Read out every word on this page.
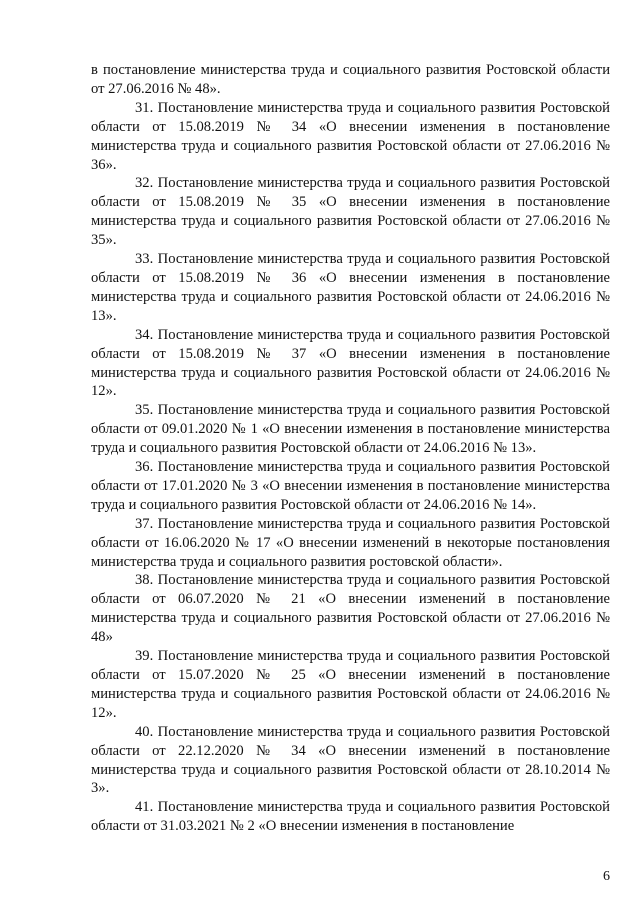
в постановление министерства труда и социального развития Ростовской области от 27.06.2016 № 48».

31. Постановление министерства труда и социального развития Ростовской области от 15.08.2019 № 34 «О внесении изменения в постановление министерства труда и социального развития Ростовской области от 27.06.2016 № 36».

32. Постановление министерства труда и социального развития Ростовской области от 15.08.2019 № 35 «О внесении изменения в постановление министерства труда и социального развития Ростовской области от 27.06.2016 № 35».

33. Постановление министерства труда и социального развития Ростовской области от 15.08.2019 № 36 «О внесении изменения в постановление министерства труда и социального развития Ростовской области от 24.06.2016 № 13».

34. Постановление министерства труда и социального развития Ростовской области от 15.08.2019 № 37 «О внесении изменения в постановление министерства труда и социального развития Ростовской области от 24.06.2016 № 12».

35. Постановление министерства труда и социального развития Ростовской области от 09.01.2020 № 1 «О внесении изменения в постановление министерства труда и социального развития Ростовской области от 24.06.2016 № 13».

36. Постановление министерства труда и социального развития Ростовской области от 17.01.2020 № 3 «О внесении изменения в постановление министерства труда и социального развития Ростовской области от 24.06.2016 № 14».

37. Постановление министерства труда и социального развития Ростовской области от 16.06.2020 № 17 «О внесении изменений в некоторые постановления министерства труда и социального развития ростовской области».

38. Постановление министерства труда и социального развития Ростовской области от 06.07.2020 № 21 «О внесении изменений в постановление министерства труда и социального развития Ростовской области от 27.06.2016 № 48»

39. Постановление министерства труда и социального развития Ростовской области от 15.07.2020 № 25 «О внесении изменений в постановление министерства труда и социального развития Ростовской области от 24.06.2016 № 12».

40. Постановление министерства труда и социального развития Ростовской области от 22.12.2020 № 34 «О внесении изменений в постановление министерства труда и социального развития Ростовской области от 28.10.2014 № 3».

41. Постановление министерства труда и социального развития Ростовской области от 31.03.2021 № 2 «О внесении изменения в постановление

6
